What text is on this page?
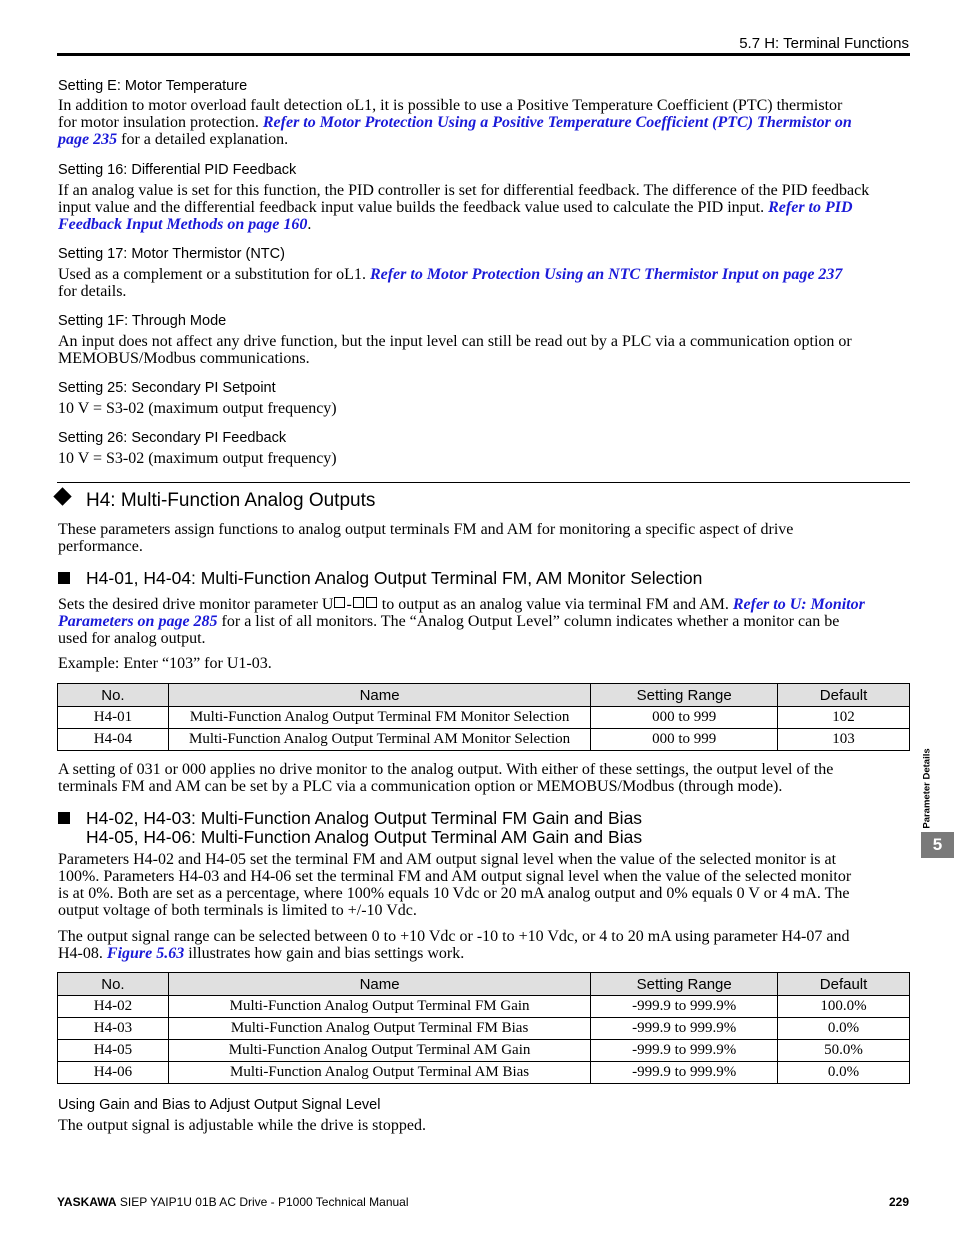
5.7 H: Terminal Functions
Setting E: Motor Temperature
In addition to motor overload fault detection oL1, it is possible to use a Positive Temperature Coefficient (PTC) thermistor
for motor insulation protection. Refer to Motor Protection Using a Positive Temperature Coefficient (PTC) Thermistor on
page 235 for a detailed explanation.
Setting 16: Differential PID Feedback
If an analog value is set for this function, the PID controller is set for differential feedback. The difference of the PID feedback
input value and the differential feedback input value builds the feedback value used to calculate the PID input. Refer to PID
Feedback Input Methods on page 160.
Setting 17: Motor Thermistor (NTC)
Used as a complement or a substitution for oL1. Refer to Motor Protection Using an NTC Thermistor Input on page 237
for details.
Setting 1F: Through Mode
An input does not affect any drive function, but the input level can still be read out by a PLC via a communication option or
MEMOBUS/Modbus communications.
Setting 25: Secondary PI Setpoint
10 V = S3-02 (maximum output frequency)
Setting 26: Secondary PI Feedback
10 V = S3-02 (maximum output frequency)
H4: Multi-Function Analog Outputs
These parameters assign functions to analog output terminals FM and AM for monitoring a specific aspect of drive
performance.
H4-01, H4-04: Multi-Function Analog Output Terminal FM, AM Monitor Selection
Sets the desired drive monitor parameter U - to output as an analog value via terminal FM and AM. Refer to U: Monitor
Parameters on page 285 for a list of all monitors. The “Analog Output Level” column indicates whether a monitor can be
used for analog output.
Example: Enter “103” for U1-03.
No.	Name	Setting Range	Default
H4-01	Multi-Function Analog Output Terminal FM Monitor Selection	000 to 999	102
H4-04	Multi-Function Analog Output Terminal AM Monitor Selection	000 to 999	103
A setting of 031 or 000 applies no drive monitor to the analog output. With either of these settings, the output level of the
terminals FM and AM can be set by a PLC via a communication option or MEMOBUS/Modbus (through mode).
H4-02, H4-03: Multi-Function Analog Output Terminal FM Gain and Bias
H4-05, H4-06: Multi-Function Analog Output Terminal AM Gain and Bias
Parameters H4-02 and H4-05 set the terminal FM and AM output signal level when the value of the selected monitor is at
100%. Parameters H4-03 and H4-06 set the terminal FM and AM output signal level when the value of the selected monitor
is at 0%. Both are set as a percentage, where 100% equals 10 Vdc or 20 mA analog output and 0% equals 0 V or 4 mA. The
output voltage of both terminals is limited to +/-10 Vdc.
The output signal range can be selected between 0 to +10 Vdc or -10 to +10 Vdc, or 4 to 20 mA using parameter H4-07 and
H4-08. Figure 5.63 illustrates how gain and bias settings work.
No.	Name	Setting Range	Default
H4-02	Multi-Function Analog Output Terminal FM Gain	-999.9 to 999.9%	100.0%
H4-03	Multi-Function Analog Output Terminal FM Bias	-999.9 to 999.9%	0.0%
H4-05	Multi-Function Analog Output Terminal AM Gain	-999.9 to 999.9%	50.0%
H4-06	Multi-Function Analog Output Terminal AM Bias	-999.9 to 999.9%	0.0%
Using Gain and Bias to Adjust Output Signal Level
The output signal is adjustable while the drive is stopped.
Parameter Details
5
YASKAWA SIEP YAIP1U 01B AC Drive - P1000 Technical Manual	229
